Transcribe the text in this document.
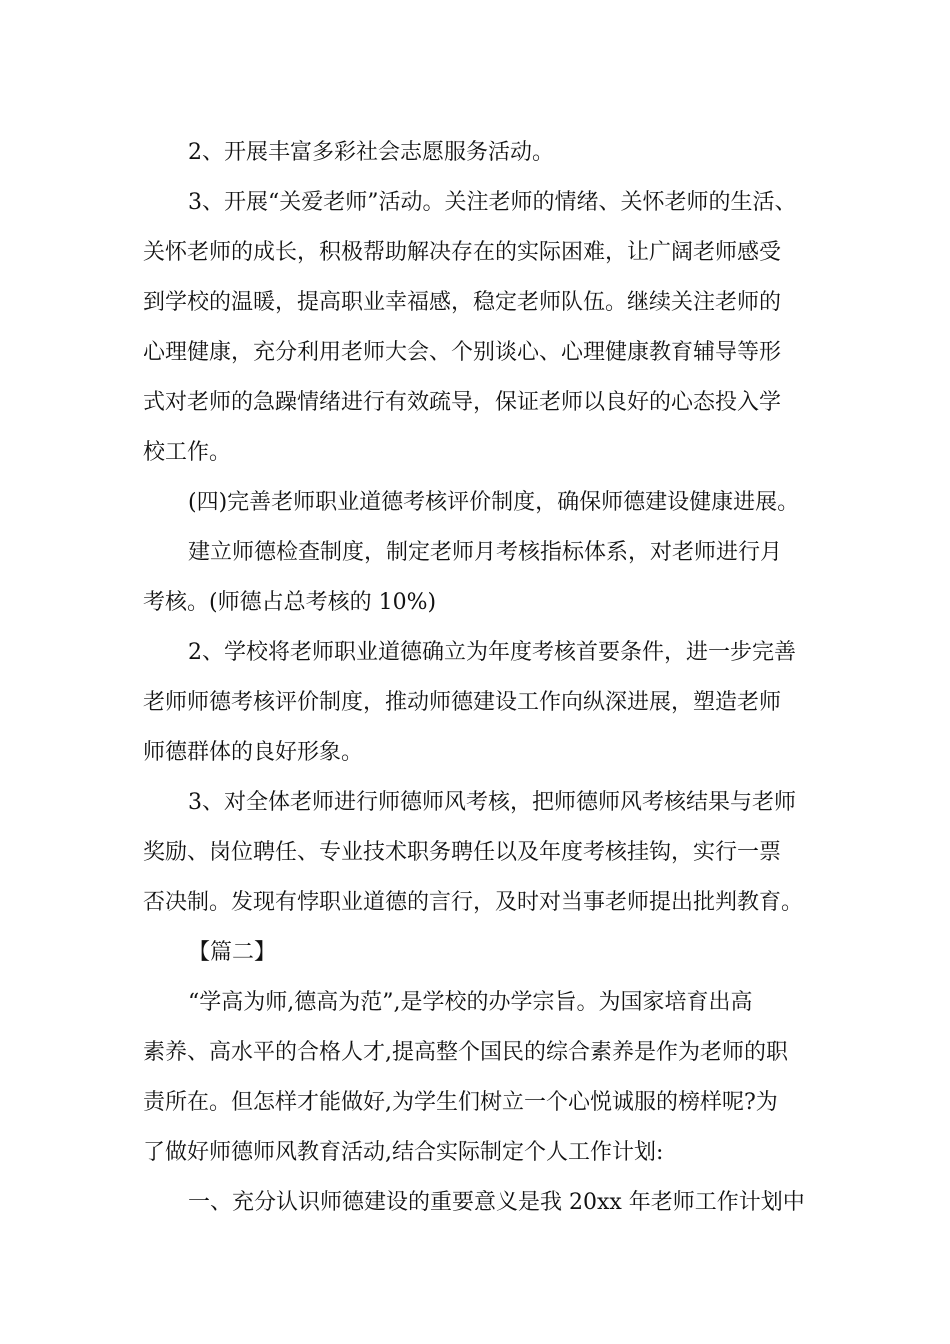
2、开展丰富多彩社会志愿服务活动。
3、开展“关爱老师”活动。关注老师的情绪、关怀老师的生活、
关怀老师的成长，积极帮助解决存在的实际困难，让广阔老师感受
到学校的温暖，提高职业幸福感，稳定老师队伍。继续关注老师的
心理健康，充分利用老师大会、个别谈心、心理健康教育辅导等形
式对老师的急躁情绪进行有效疏导，保证老师以良好的心态投入学
校工作。
(四)完善老师职业道德考核评价制度，确保师德建设健康进展。
建立师德检查制度，制定老师月考核指标体系，对老师进行月
考核。(师德占总考核的 10%)
2、学校将老师职业道德确立为年度考核首要条件，进一步完善
老师师德考核评价制度，推动师德建设工作向纵深进展，塑造老师
师德群体的良好形象。
3、对全体老师进行师德师风考核，把师德师风考核结果与老师
奖励、岗位聘任、专业技术职务聘任以及年度考核挂钩，实行一票
否决制。发现有悖职业道德的言行，及时对当事老师提出批判教育。
【篇二】
“学高为师,德高为范”,是学校的办学宗旨。为国家培育出高
素养、高水平的合格人才,提高整个国民的综合素养是作为老师的职
责所在。但怎样才能做好,为学生们树立一个心悦诚服的榜样呢?为
了做好师德师风教育活动,结合实际制定个人工作计划:
一、充分认识师德建设的重要意义是我 20xx 年老师工作计划中
